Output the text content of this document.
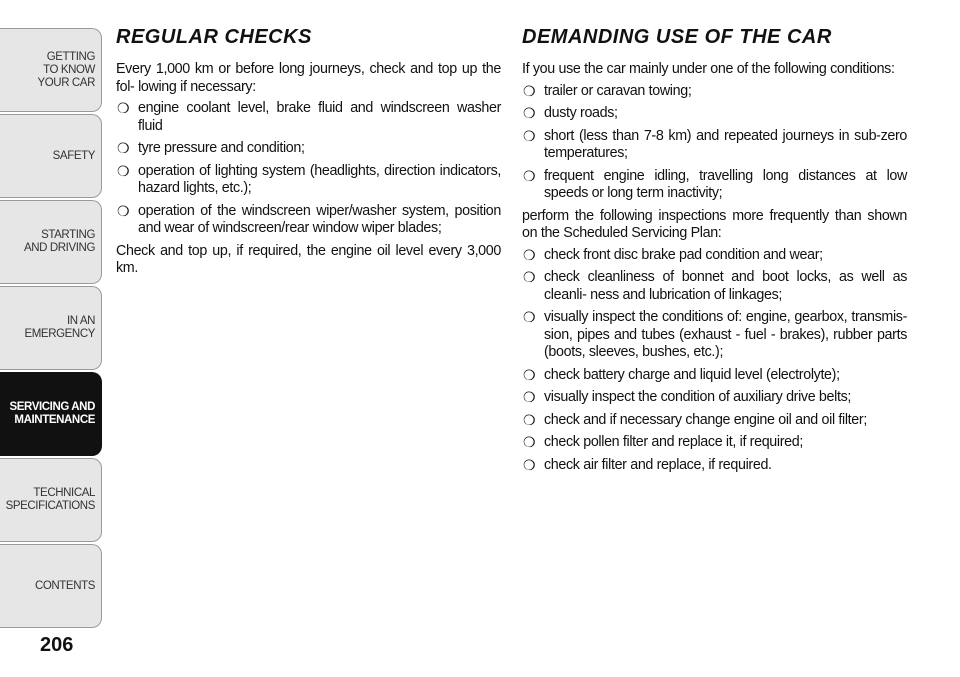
GETTING
TO KNOW
YOUR CAR
SAFETY
STARTING
AND DRIVING
IN AN
EMERGENCY
SERVICING AND
MAINTENANCE
TECHNICAL
SPECIFICATIONS
CONTENTS
206
REGULAR CHECKS

Every 1,000 km or before long journeys, check and top up the fol- lowing if necessary:

❍ engine coolant level, brake fluid and windscreen washer fluid
❍ tyre pressure and condition;
❍ operation of lighting system (headlights, direction indicators, hazard lights, etc.);
❍ operation of the windscreen wiper/washer system, position and wear of windscreen/rear window wiper blades;

Check and top up, if required, the engine oil level every 3,000 km.

DEMANDING USE OF THE CAR

If you use the car mainly under one of the following conditions:

❍ trailer or caravan towing;
❍ dusty roads;
❍ short (less than 7-8 km) and repeated journeys in sub-zero temperatures;
❍ frequent engine idling, travelling long distances at low speeds or long term inactivity;

perform the following inspections more frequently than shown on the Scheduled Servicing Plan:

❍ check front disc brake pad condition and wear;
❍ check cleanliness of bonnet and boot locks, as well as cleanli- ness and lubrication of linkages;
❍ visually inspect the conditions of: engine, gearbox, transmis- sion, pipes and tubes (exhaust - fuel - brakes), rubber parts (boots, sleeves, bushes, etc.);
❍ check battery charge and liquid level (electrolyte);
❍ visually inspect the condition of auxiliary drive belts;
❍ check and if necessary change engine oil and oil filter;
❍ check pollen filter and replace it, if required;
❍ check air filter and replace, if required.
